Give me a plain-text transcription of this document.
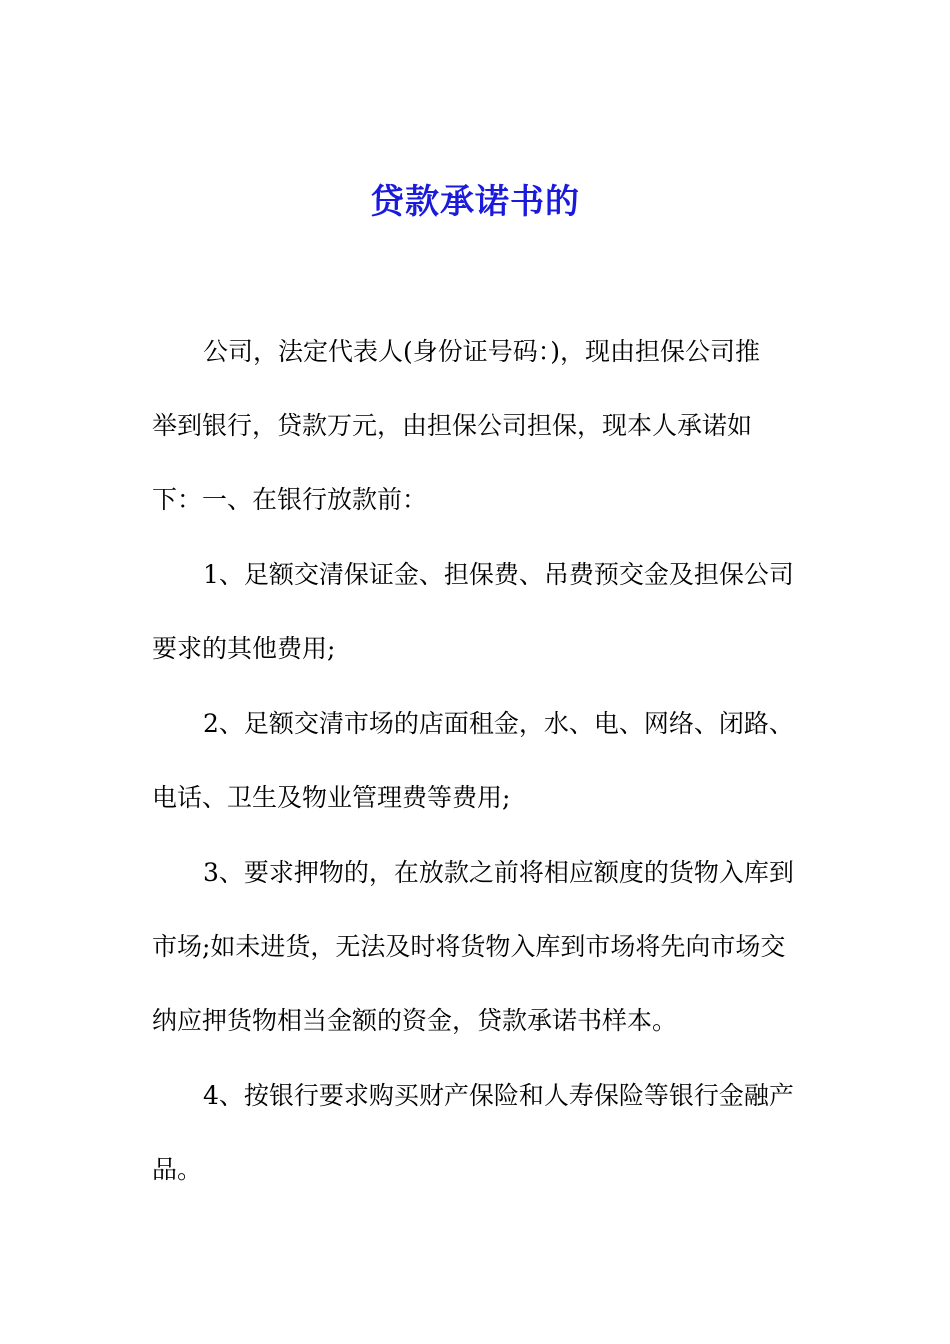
贷款承诺书的
公司，法定代表人(身份证号码：)，现由担保公司推
举到银行，贷款万元，由担保公司担保，现本人承诺如
下：一、在银行放款前：
1、足额交清保证金、担保费、吊费预交金及担保公司
要求的其他费用;
2、足额交清市场的店面租金，水、电、网络、闭路、
电话、卫生及物业管理费等费用;
3、要求押物的，在放款之前将相应额度的货物入库到
市场;如未进货，无法及时将货物入库到市场将先向市场交
纳应押货物相当金额的资金，贷款承诺书样本。
4、按银行要求购买财产保险和人寿保险等银行金融产
品。
